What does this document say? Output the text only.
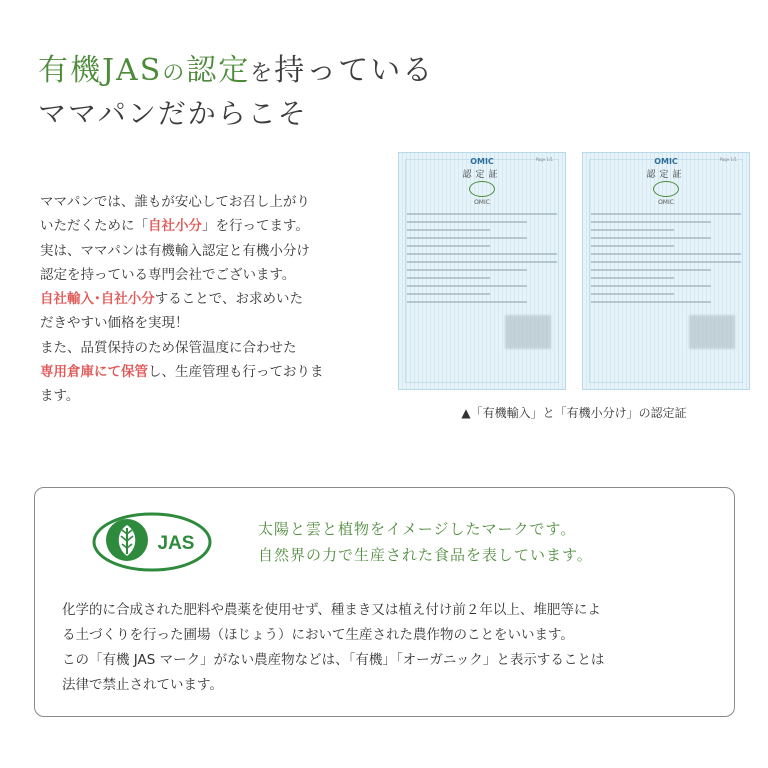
有機JASの認定を持っている
ママパンだからこそ

ママパンでは、誰もが安心してお召し上がり

いただくために「自社小分」を行ってます。

実は、ママパンは有機輸入認定と有機小分け

認定を持っている専門会社でございます。

自社輸入･自社小分することで、お求めいた

だきやすい価格を実現！

また、品質保持のため保管温度に合わせた

専用倉庫にて保管し、生産管理も行っておりま

ます。

OMIC	Page 1/1
認定証
OMIC
OMIC	Page 1/1
認定証
OMIC
▲「有機輸入」と「有機小分け」の認定証
JAS
太陽と雲と植物をイメージしたマークです。
自然界の力で生産された食品を表しています。
化学的に合成された肥料や農薬を使用せず、種まき又は植え付け前２年以上、堆肥等によ
る土づくりを行った圃場（ほじょう）において生産された農作物のことをいいます。
この「有機 JAS マーク」がない農産物などは、「有機」「オーガニック」と表示することは
法律で禁止されています。
